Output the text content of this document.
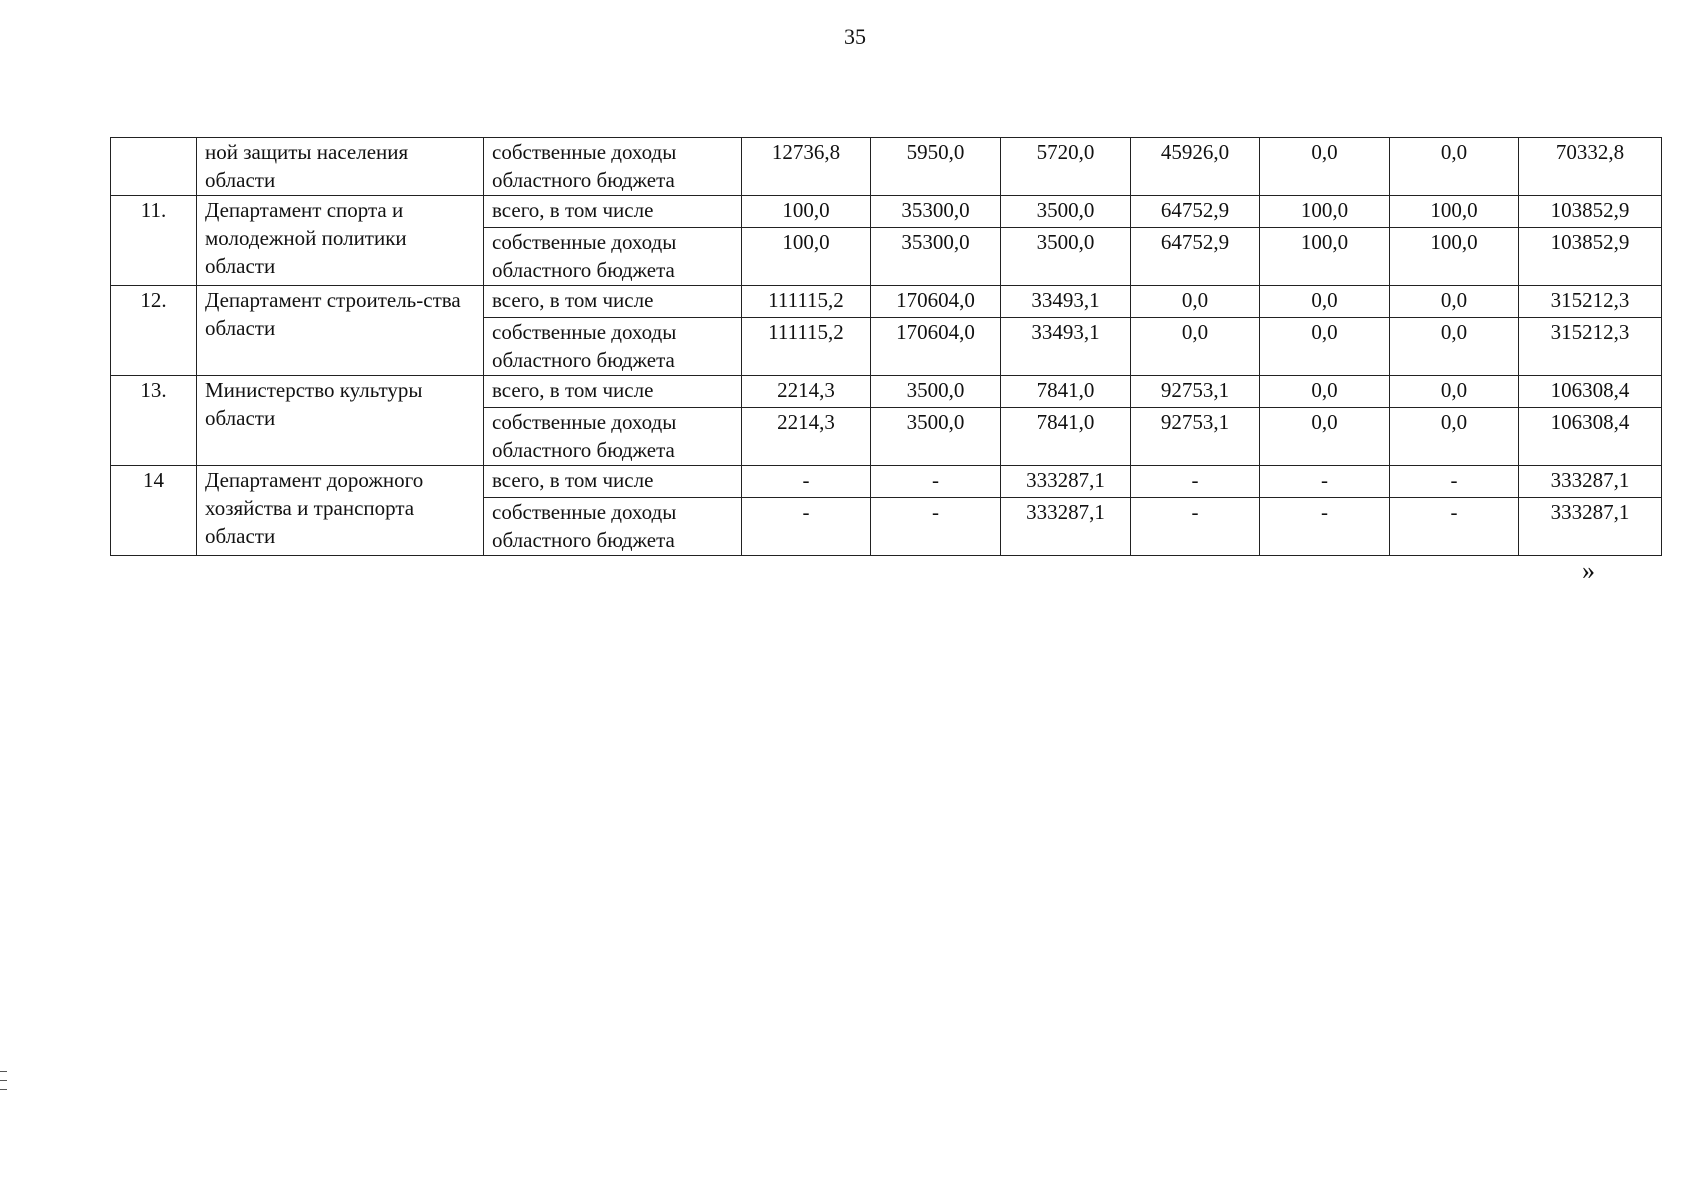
35
	ной защиты населения области	собственные доходы областного бюджета	12736,8	5950,0	5720,0	45926,0	0,0	0,0	70332,8
11.	Департамент спорта и молодежной политики области	всего, в том числе	100,0	35300,0	3500,0	64752,9	100,0	100,0	103852,9
		собственные доходы областного бюджета	100,0	35300,0	3500,0	64752,9	100,0	100,0	103852,9
12.	Департамент строитель-ства области	всего, в том числе	111115,2	170604,0	33493,1	0,0	0,0	0,0	315212,3
		собственные доходы областного бюджета	111115,2	170604,0	33493,1	0,0	0,0	0,0	315212,3
13.	Министерство культуры области	всего, в том числе	2214,3	3500,0	7841,0	92753,1	0,0	0,0	106308,4
		собственные доходы областного бюджета	2214,3	3500,0	7841,0	92753,1	0,0	0,0	106308,4
14	Департамент дорожного хозяйства и транспорта области	всего, в том числе	-	-	333287,1	-	-	-	333287,1
		собственные доходы областного бюджета	-	-	333287,1	-	-	-	333287,1
»
